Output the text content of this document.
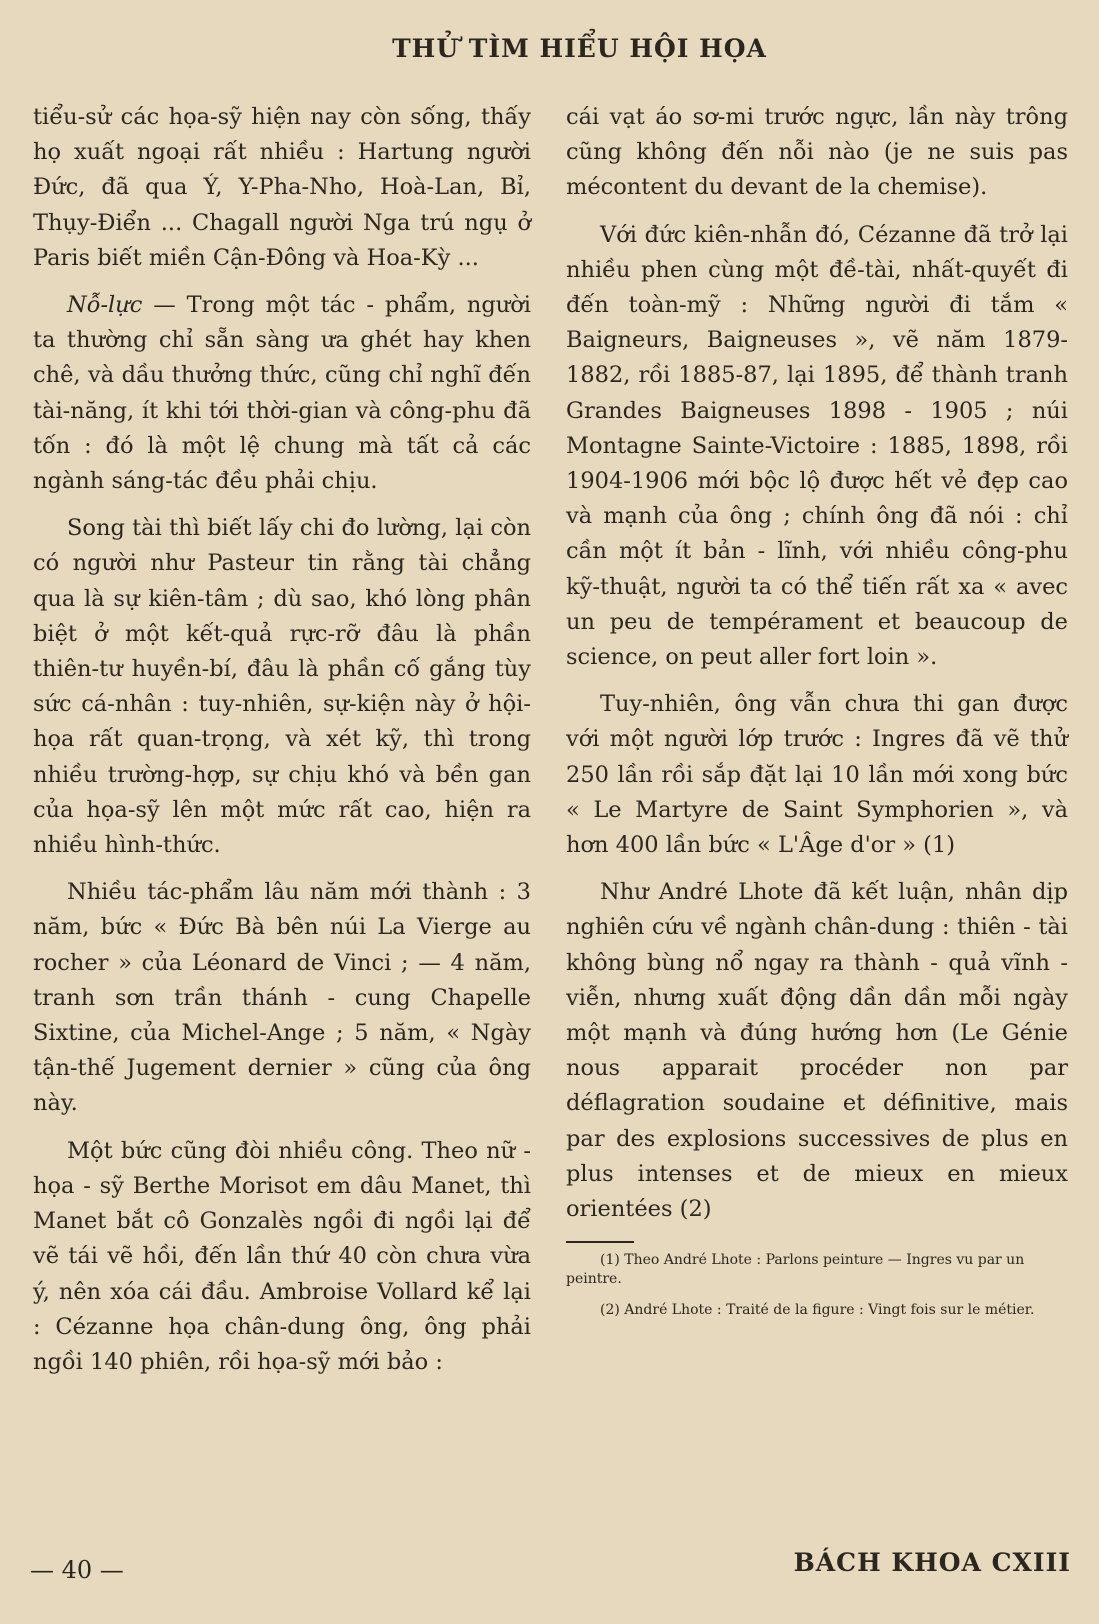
THỬ TÌM HIỂU HỘI HỌA

tiểu-sử các họa-sỹ hiện nay còn sống, thấy họ xuất ngoại rất nhiều : Hartung người Đức, đã qua Ý, Y-Pha-Nho, Hoà-Lan, Bỉ, Thụy-Điển ... Chagall người Nga trú ngụ ở Paris biết miền Cận-Đông và Hoa-Kỳ ...

Nỗ-lực — Trong một tác - phẩm, người ta thường chỉ sẵn sàng ưa ghét hay khen chê, và dầu thưởng thức, cũng chỉ nghĩ đến tài-năng, ít khi tới thời-gian và công-phu đã tốn : đó là một lệ chung mà tất cả các ngành sáng-tác đều phải chịu.

Song tài thì biết lấy chi đo lường, lại còn có người như Pasteur tin rằng tài chẳng qua là sự kiên-tâm ; dù sao, khó lòng phân biệt ở một kết-quả rực-rỡ đâu là phần thiên-tư huyền-bí, đâu là phần cố gắng tùy sức cá-nhân : tuy-nhiên, sự-kiện này ở hội-họa rất quan-trọng, và xét kỹ, thì trong nhiều trường-hợp, sự chịu khó và bền gan của họa-sỹ lên một mức rất cao, hiện ra nhiều hình-thức.

Nhiều tác-phẩm lâu năm mới thành : 3 năm, bức « Đức Bà bên núi La Vierge au rocher » của Léonard de Vinci ; — 4 năm, tranh sơn trần thánh - cung Chapelle Sixtine, của Michel-Ange ; 5 năm, « Ngày tận-thế Jugement dernier » cũng của ông này.

Một bức cũng đòi nhiều công. Theo nữ - họa - sỹ Berthe Morisot em dâu Manet, thì Manet bắt cô Gonzalès ngồi đi ngồi lại để vẽ tái vẽ hồi, đến lần thứ 40 còn chưa vừa ý, nên xóa cái đầu. Ambroise Vollard kể lại : Cézanne họa chân-dung ông, ông phải ngồi 140 phiên, rồi họa-sỹ mới bảo :

cái vạt áo sơ-mi trước ngực, lần này trông cũng không đến nỗi nào (je ne suis pas mécontent du devant de la chemise).

Với đức kiên-nhẫn đó, Cézanne đã trở lại nhiều phen cùng một đề-tài, nhất-quyết đi đến toàn-mỹ : Những người đi tắm « Baigneurs, Baigneuses », vẽ năm 1879-1882, rồi 1885-87, lại 1895, để thành tranh Grandes Baigneuses 1898 - 1905 ; núi Montagne Sainte-Victoire : 1885, 1898, rồi 1904-1906 mới bộc lộ được hết vẻ đẹp cao và mạnh của ông ; chính ông đã nói : chỉ cần một ít bản - lĩnh, với nhiều công-phu kỹ-thuật, người ta có thể tiến rất xa « avec un peu de tempérament et beaucoup de science, on peut aller fort loin ».

Tuy-nhiên, ông vẫn chưa thi gan được với một người lớp trước : Ingres đã vẽ thử 250 lần rồi sắp đặt lại 10 lần mới xong bức « Le Martyre de Saint Symphorien », và hơn 400 lần bức « L'Âge d'or » (1)

Như André Lhote đã kết luận, nhân dịp nghiên cứu về ngành chân-dung : thiên - tài không bùng nổ ngay ra thành - quả vĩnh - viễn, nhưng xuất động dần dần mỗi ngày một mạnh và đúng hướng hơn (Le Génie nous apparait procéder non par déflagration soudaine et définitive, mais par des explosions successives de plus en plus intenses et de mieux en mieux orientées (2)

(1) Theo André Lhote : Parlons peinture — Ingres vu par un peintre.

(2) André Lhote : Traité de la figure : Vingt fois sur le métier.

— 40 —	BÁCH KHOA CXIII
